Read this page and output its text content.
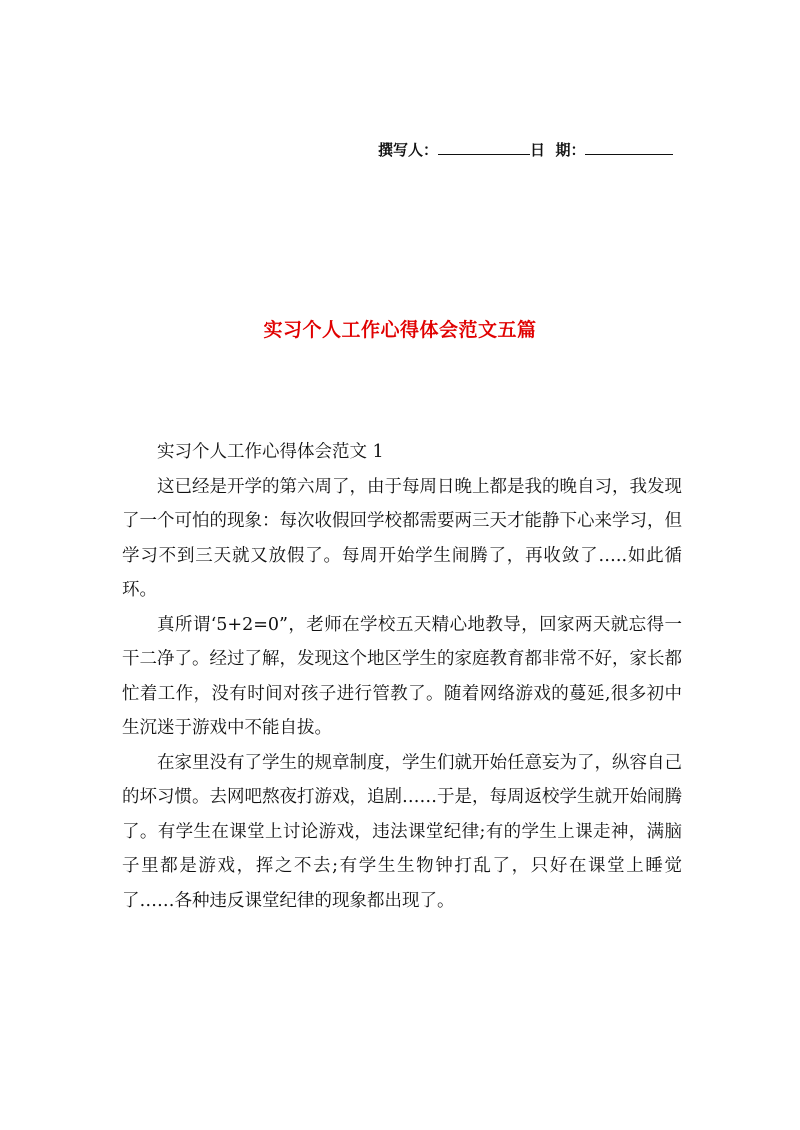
撰写人：	日  期：
实习个人工作心得体会范文五篇

实习个人工作心得体会范文 1

这已经是开学的第六周了，由于每周日晚上都是我的晚自习，我发现了一个可怕的现象：每次收假回学校都需要两三天才能静下心来学习，但学习不到三天就又放假了。每周开始学生闹腾了，再收敛了…..如此循环。

真所谓‘5+2=0”，老师在学校五天精心地教导，回家两天就忘得一干二净了。经过了解，发现这个地区学生的家庭教育都非常不好，家长都忙着工作，没有时间对孩子进行管教了。随着网络游戏的蔓延,很多初中生沉迷于游戏中不能自拔。

在家里没有了学生的规章制度，学生们就开始任意妄为了，纵容自己的坏习惯。去网吧熬夜打游戏，追剧……于是，每周返校学生就开始闹腾了。有学生在课堂上讨论游戏，违法课堂纪律;有的学生上课走神，满脑子里都是游戏，挥之不去;有学生生物钟打乱了，只好在课堂上睡觉了……各种违反课堂纪律的现象都出现了。
